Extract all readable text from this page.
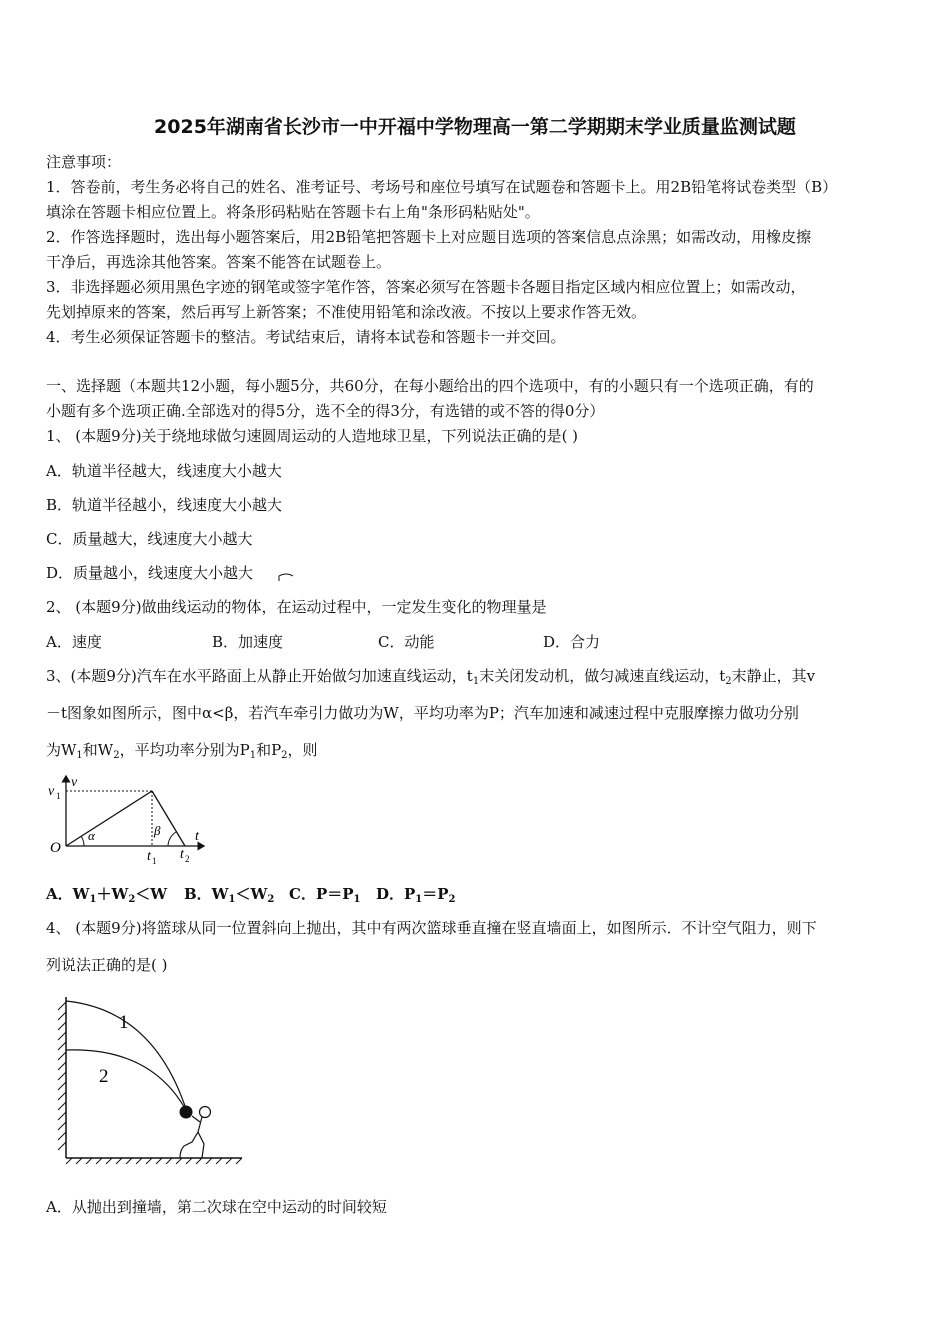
2025年湖南省长沙市一中开福中学物理高一第二学期期末学业质量监测试题
注意事项：
1．答卷前，考生务必将自己的姓名、准考证号、考场号和座位号填写在试题卷和答题卡上。用2B铅笔将试卷类型（B）
填涂在答题卡相应位置上。将条形码粘贴在答题卡右上角"条形码粘贴处"。
2．作答选择题时，选出每小题答案后，用2B铅笔把答题卡上对应题目选项的答案信息点涂黑；如需改动，用橡皮擦
干净后，再选涂其他答案。答案不能答在试题卷上。
3．非选择题必须用黑色字迹的钢笔或签字笔作答，答案必须写在答题卡各题目指定区域内相应位置上；如需改动，
先划掉原来的答案，然后再写上新答案；不准使用铅笔和涂改液。不按以上要求作答无效。
4．考生必须保证答题卡的整洁。考试结束后，请将本试卷和答题卡一并交回。
一、选择题（本题共12小题，每小题5分，共60分，在每小题给出的四个选项中，有的小题只有一个选项正确，有的
小题有多个选项正确.全部选对的得5分，选不全的得3分，有选错的或不答的得0分）
1、 (本题9分)关于绕地球做匀速圆周运动的人造地球卫星，下列说法正确的是( )
A．轨道半径越大，线速度大小越大
B．轨道半径越小，线速度大小越大
C．质量越大，线速度大小越大
D．质量越小，线速度大小越大
2、 (本题9分)做曲线运动的物体，在运动过程中，一定发生变化的物理量是
A．速度	B．加速度	C．动能	D．合力
3、(本题9分)汽车在水平路面上从静止开始做匀加速直线运动，$t_1$末关闭发动机，做匀减速直线运动，$t_2$末静止，其v
－t图象如图所示，图中α<β，若汽车牵引力做功为W，平均功率为P；汽车加速和减速过程中克服摩擦力做功分别
为$W_1$和$W_2$，平均功率分别为$P_1$和$P_2$，则
α	β
v
v 1
t
O
t 1 t 2
A．$W_1+W_2<W$ B．$W_1<W_2$ C．$P=P_1$ D．$P_1=P_2$
4、 (本题9分)将篮球从同一位置斜向上抛出，其中有两次篮球垂直撞在竖直墙面上，如图所示．不计空气阻力，则下
列说法正确的是( )
1
2
A．从抛出到撞墙，第二次球在空中运动的时间较短
